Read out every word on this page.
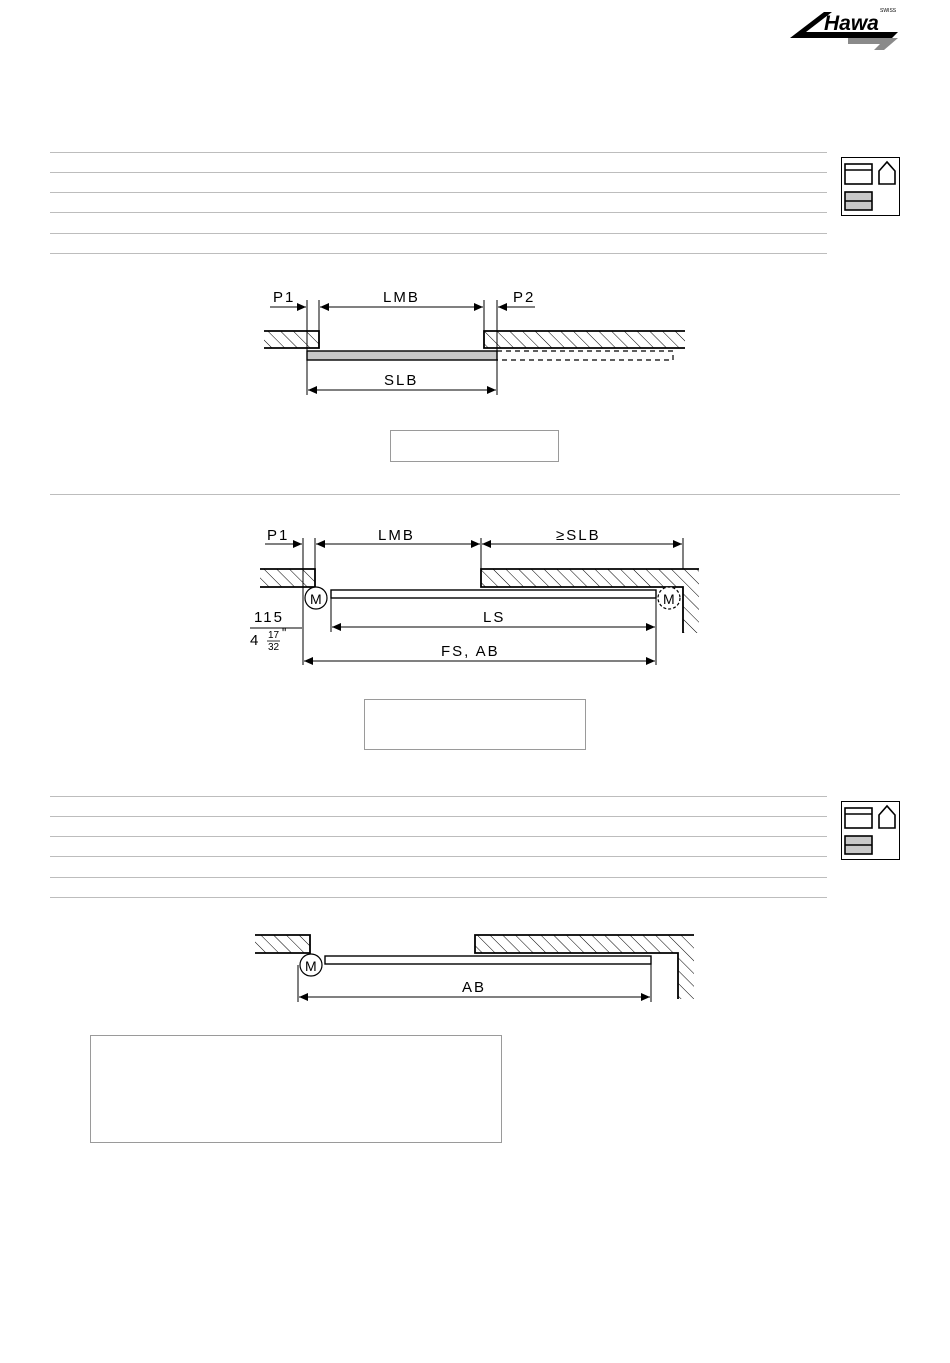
Hawa
SWISS
P1	LMB	P2
SLB
M	M
P1	LMB	≥SLB
115
4 17
32
"
LS
FS, AB
M
AB
